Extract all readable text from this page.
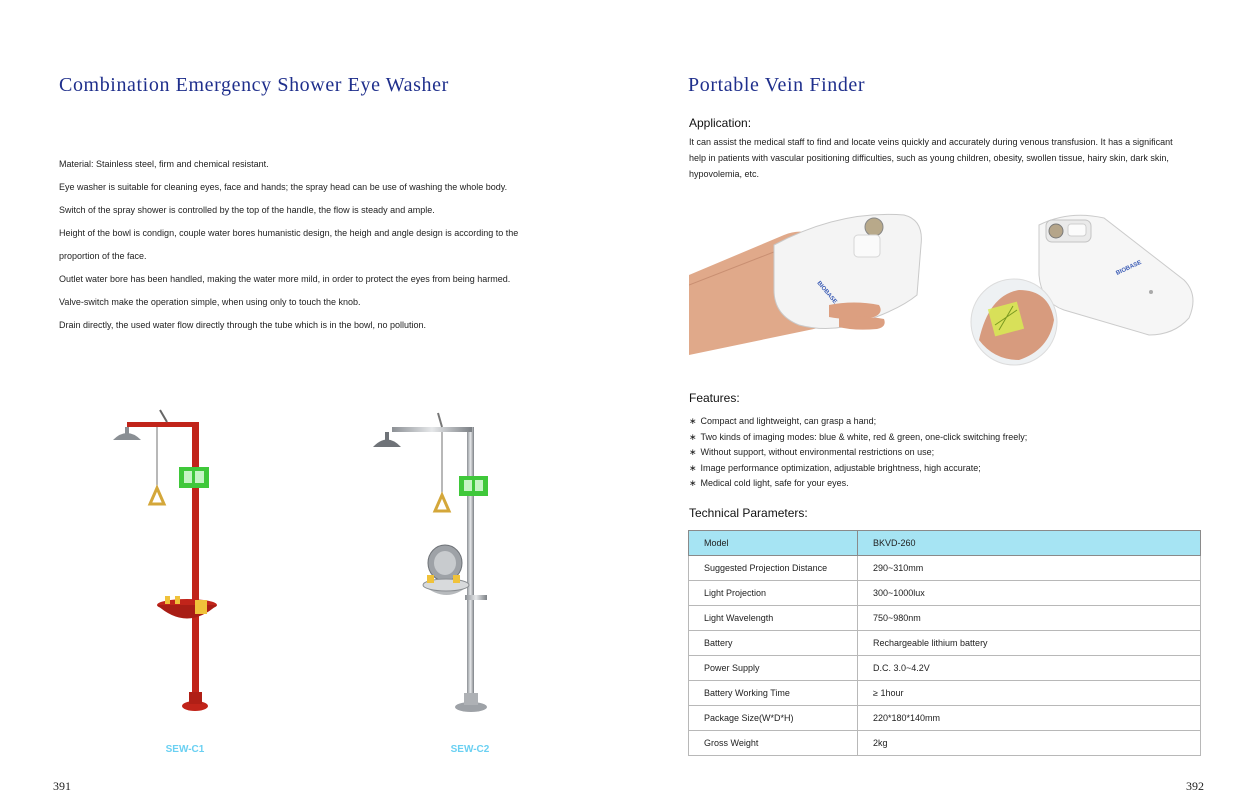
Combination Emergency Shower Eye Washer
Material: Stainless steel, firm and chemical resistant.
Eye washer is suitable for cleaning eyes, face and hands; the spray head can be use of washing the whole body.
Switch of the spray shower is controlled by the top of the handle, the flow is steady and ample.
Height of the bowl is condign, couple water bores humanistic design, the heigh and angle design is according to the
proportion of the face.
Outlet water bore has been handled, making the water more mild, in order to protect the eyes from being harmed.
Valve-switch make the operation simple, when using only to touch the knob.
Drain directly, the used water flow directly through the tube which is in the bowl, no pollution.
SEW-C1	SEW-C2
391
Portable Vein Finder
Application:

It can assist the medical staff to find and locate veins quickly and accurately during venous transfusion. It has a significant
help in patients with vascular positioning difficulties, such as young children, obesity, swollen tissue, hairy skin, dark skin,
hypovolemia, etc.

BIOBASE
BIOBASE
Features:
∗ Compact and lightweight, can grasp a hand;
∗ Two kinds of imaging modes: blue & white, red & green, one-click switching freely;
∗ Without support, without environmental restrictions on use;
∗ Image performance optimization, adjustable brightness, high accurate;
∗ Medical cold light, safe for your eyes.
Technical Parameters:
Model	BKVD-260
Suggested Projection Distance	290~310mm
Light Projection	300~1000lux
Light Wavelength	750~980nm
Battery	Rechargeable lithium battery
Power Supply	D.C. 3.0~4.2V
Battery Working Time	≥ 1hour
Package Size(W*D*H)	220*180*140mm
Gross Weight	2kg
392
